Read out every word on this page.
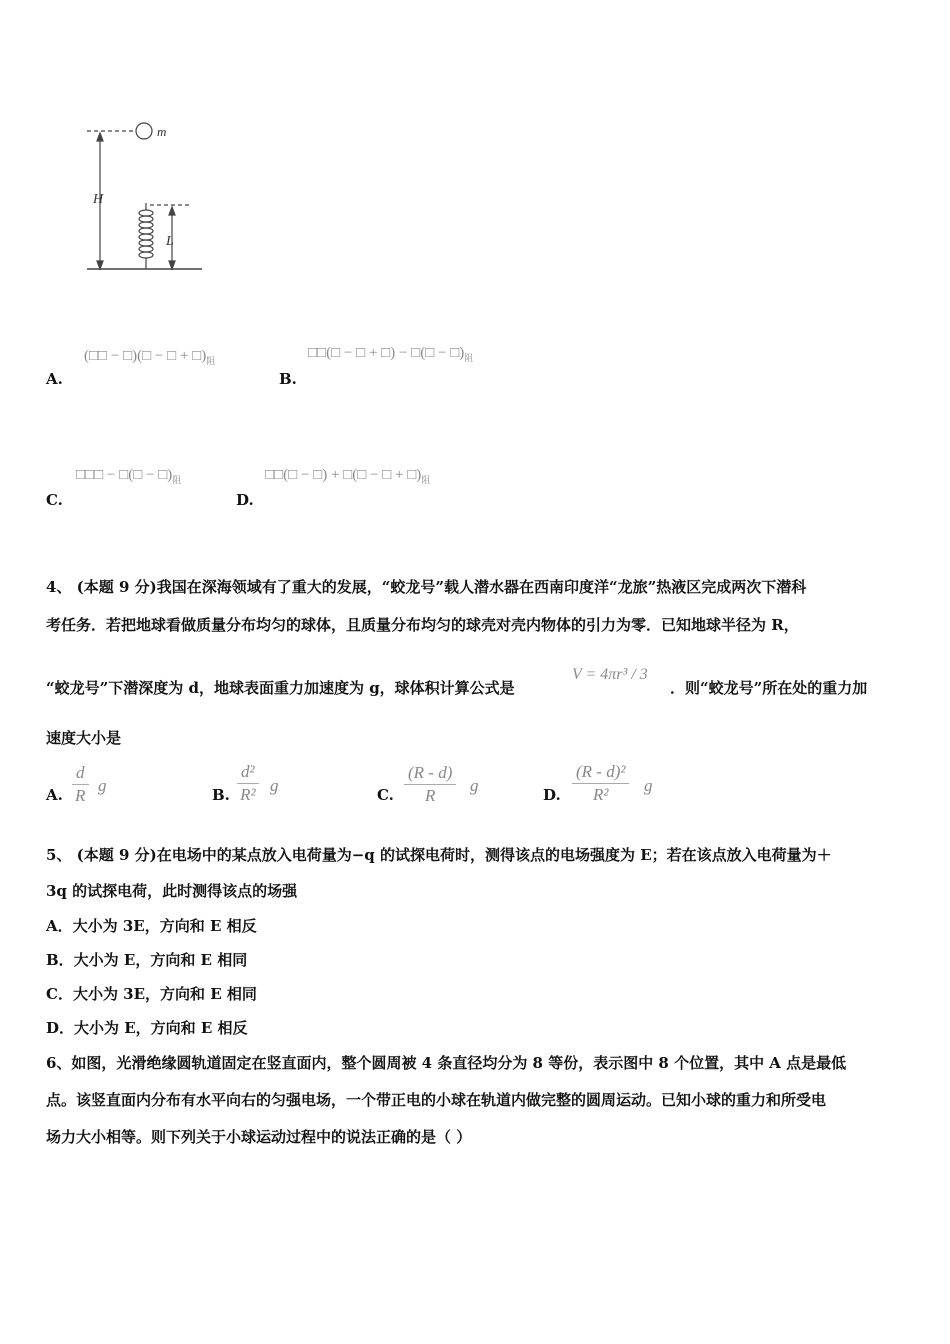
m
H
L
(□□ − □)(□ − □ + $□)_阻$
A.
□□(□ − □ + □) − □(□ − $□)_阻$
B.
□□□ − □(□ − $□)_阻$
C.
□□(□ − □) + □(□ − □ + $□)_阻$
D.
4、 (本题 9 分)我国在深海领域有了重大的发展，“蛟龙号”载人潜水器在西南印度洋“龙旅”热液区完成两次下潜科
考任务．若把地球看做质量分布均匀的球体，且质量分布均匀的球壳对壳内物体的引力为零．已知地球半径为 R，
“蛟龙号”下潜深度为 d，地球表面重力加速度为 g，球体积计算公式是
V = 4πr³ / 3
．则“蛟龙号”所在处的重力加
速度大小是
A. $\frac{d}{R}$ g	B. $\frac{\text{d²}}{\text{R²}}$ g	C. $\frac{(R - d)}{R}$ g	D. $\frac{\text{(R - d)²}}{\text{R²}}$ g
5、 (本题 9 分)在电场中的某点放入电荷量为−q 的试探电荷时，测得该点的电场强度为 E；若在该点放入电荷量为＋
3q 的试探电荷，此时测得该点的场强
A．大小为 3E，方向和 E 相反
B．大小为 E，方向和 E 相同
C．大小为 3E，方向和 E 相同
D．大小为 E，方向和 E 相反
6、如图，光滑绝缘圆轨道固定在竖直面内，整个圆周被 4 条直径均分为 8 等份，表示图中 8 个位置，其中 A 点是最低
点。该竖直面内分布有水平向右的匀强电场，一个带正电的小球在轨道内做完整的圆周运动。已知小球的重力和所受电
场力大小相等。则下列关于小球运动过程中的说法正确的是（ ）
